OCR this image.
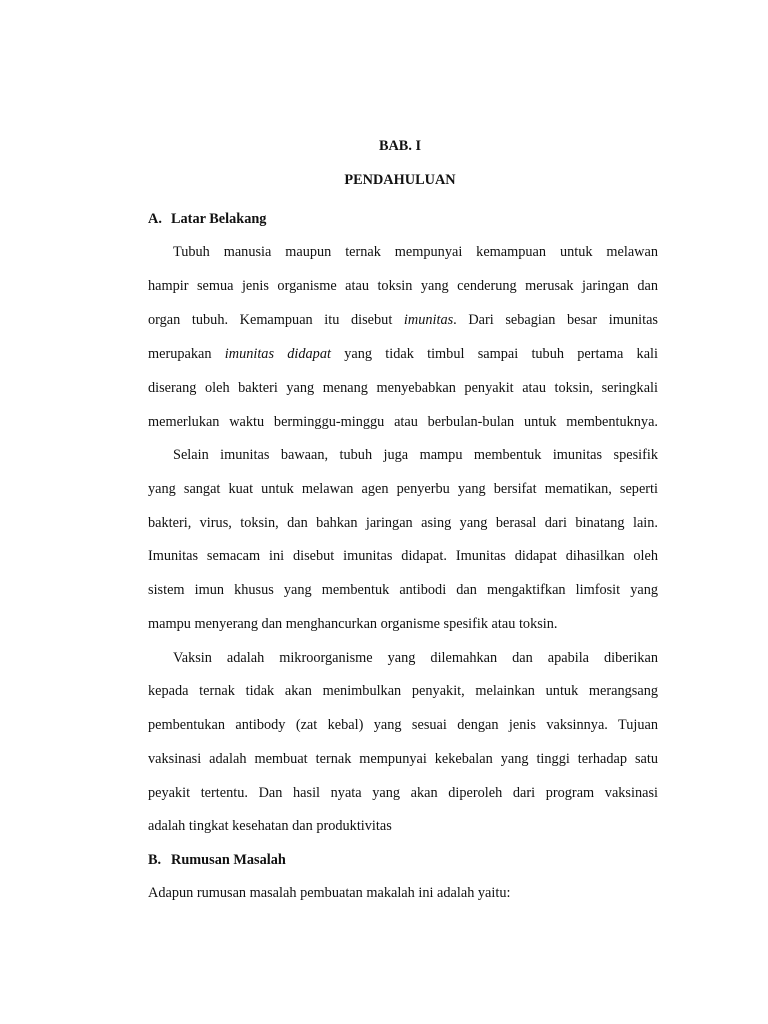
BAB. I
PENDAHULUAN
A. Latar Belakang
Tubuh manusia maupun ternak mempunyai kemampuan untuk melawan
hampir semua jenis organisme atau toksin yang cenderung merusak jaringan dan
organ tubuh. Kemampuan itu disebut imunitas. Dari sebagian besar imunitas
merupakan imunitas didapat yang tidak timbul sampai tubuh pertama kali
diserang oleh bakteri yang menang menyebabkan penyakit atau toksin, seringkali
memerlukan waktu berminggu-minggu atau berbulan-bulan untuk membentuknya.
Selain imunitas bawaan, tubuh juga mampu membentuk imunitas spesifik
yang sangat kuat untuk melawan agen penyerbu yang bersifat mematikan, seperti
bakteri, virus, toksin, dan bahkan jaringan asing yang berasal dari binatang lain.
Imunitas semacam ini disebut imunitas didapat. Imunitas didapat dihasilkan oleh
sistem imun khusus yang membentuk antibodi dan mengaktifkan limfosit yang
mampu menyerang dan menghancurkan organisme spesifik atau toksin.
Vaksin adalah mikroorganisme yang dilemahkan dan apabila diberikan
kepada ternak tidak akan menimbulkan penyakit, melainkan untuk merangsang
pembentukan antibody (zat kebal) yang sesuai dengan jenis vaksinnya. Tujuan
vaksinasi adalah membuat ternak mempunyai kekebalan yang tinggi terhadap satu
peyakit tertentu. Dan hasil nyata yang akan diperoleh dari program vaksinasi
adalah tingkat kesehatan dan produktivitas
B. Rumusan Masalah
Adapun rumusan masalah pembuatan makalah ini adalah yaitu:
